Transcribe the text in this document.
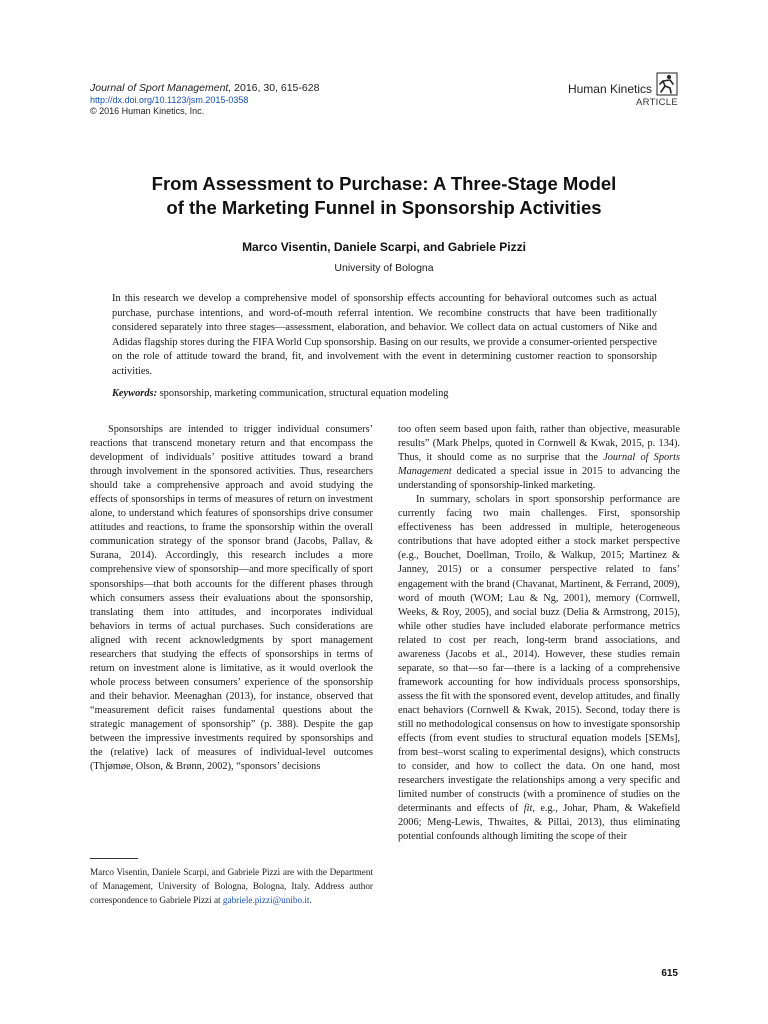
Journal of Sport Management, 2016, 30, 615-628
http://dx.doi.org/10.1123/jsm.2015-0358
© 2016 Human Kinetics, Inc.
Human Kinetics
ARTICLE
From Assessment to Purchase: A Three-Stage Model
of the Marketing Funnel in Sponsorship Activities
Marco Visentin, Daniele Scarpi, and Gabriele Pizzi
University of Bologna
In this research we develop a comprehensive model of sponsorship effects accounting for behavioral outcomes such as actual purchase, purchase intentions, and word-of-mouth referral intention. We recombine constructs that have been traditionally considered separately into three stages—assessment, elaboration, and behavior. We collect data on actual customers of Nike and Adidas flagship stores during the FIFA World Cup sponsorship. Basing on our results, we provide a consumer-oriented perspective on the role of attitude toward the brand, fit, and involvement with the event in determining customer reaction to sponsorship activities.
Keywords: sponsorship, marketing communication, structural equation modeling

Sponsorships are intended to trigger individual consumers’ reactions that transcend monetary return and that encompass the development of individuals’ positive attitudes toward a brand through involvement in the sponsored activities. Thus, researchers should take a comprehensive approach and avoid studying the effects of sponsorships in terms of measures of return on investment alone, to understand which features of sponsorships drive consumer attitudes and reactions, to frame the sponsorship within the overall communication strategy of the sponsor brand (Jacobs, Pallav, & Surana, 2014). Accordingly, this research includes a more comprehensive view of sponsorship—and more specifically of sport sponsorships—that both accounts for the different phases through which consumers assess their evaluations about the sponsorship, translating them into attitudes, and incorporates individual behaviors in terms of actual purchases. Such considerations are aligned with recent acknowledgments by sport management researchers that studying the effects of sponsorships in terms of return on investment alone is limitative, as it would overlook the whole process between consumers’ experience of the sponsorship and their behavior. Meenaghan (2013), for instance, observed that “measurement deficit raises fundamental questions about the strategic management of sponsorship” (p. 388). Despite the gap between the impressive investments required by sponsorships and the (relative) lack of measures of individual-level outcomes (Thjømøe, Olson, & Brønn, 2002), “sponsors’ decisions

too often seem based upon faith, rather than objective, measurable results” (Mark Phelps, quoted in Cornwell & Kwak, 2015, p. 134). Thus, it should come as no surprise that the Journal of Sports Management dedicated a special issue in 2015 to advancing the understanding of sponsorship-linked marketing.

In summary, scholars in sport sponsorship performance are currently facing two main challenges. First, sponsorship effectiveness has been addressed in multiple, heterogeneous contributions that have adopted either a stock market perspective (e.g., Bouchet, Doellman, Troilo, & Walkup, 2015; Martinez & Janney, 2015) or a consumer perspective related to fans’ engagement with the brand (Chavanat, Martinent, & Ferrand, 2009), word of mouth (WOM; Lau & Ng, 2001), memory (Cornwell, Weeks, & Roy, 2005), and social buzz (Delia & Armstrong, 2015), while other studies have included elaborate performance metrics related to cost per reach, long-term brand associations, and awareness (Jacobs et al., 2014). However, these studies remain separate, so that—so far—there is a lacking of a comprehensive framework accounting for how individuals process sponsorships, assess the fit with the sponsored event, develop attitudes, and finally enact behaviors (Cornwell & Kwak, 2015). Second, today there is still no methodological consensus on how to investigate sponsorship effects (from event studies to structural equation models [SEMs], from best–worst scaling to experimental designs), which constructs to consider, and how to collect the data. On one hand, most researchers investigate the relationships among a very specific and limited number of constructs (with a prominence of studies on the determinants and effects of fit, e.g., Johar, Pham, & Wakefield 2006; Meng-Lewis, Thwaites, & Pillai, 2013), thus eliminating potential confounds although limiting the scope of their

Marco Visentin, Daniele Scarpi, and Gabriele Pizzi are with the Department of Management, University of Bologna, Bologna, Italy. Address author correspondence to Gabriele Pizzi at gabriele.pizzi@unibo.it.
615
